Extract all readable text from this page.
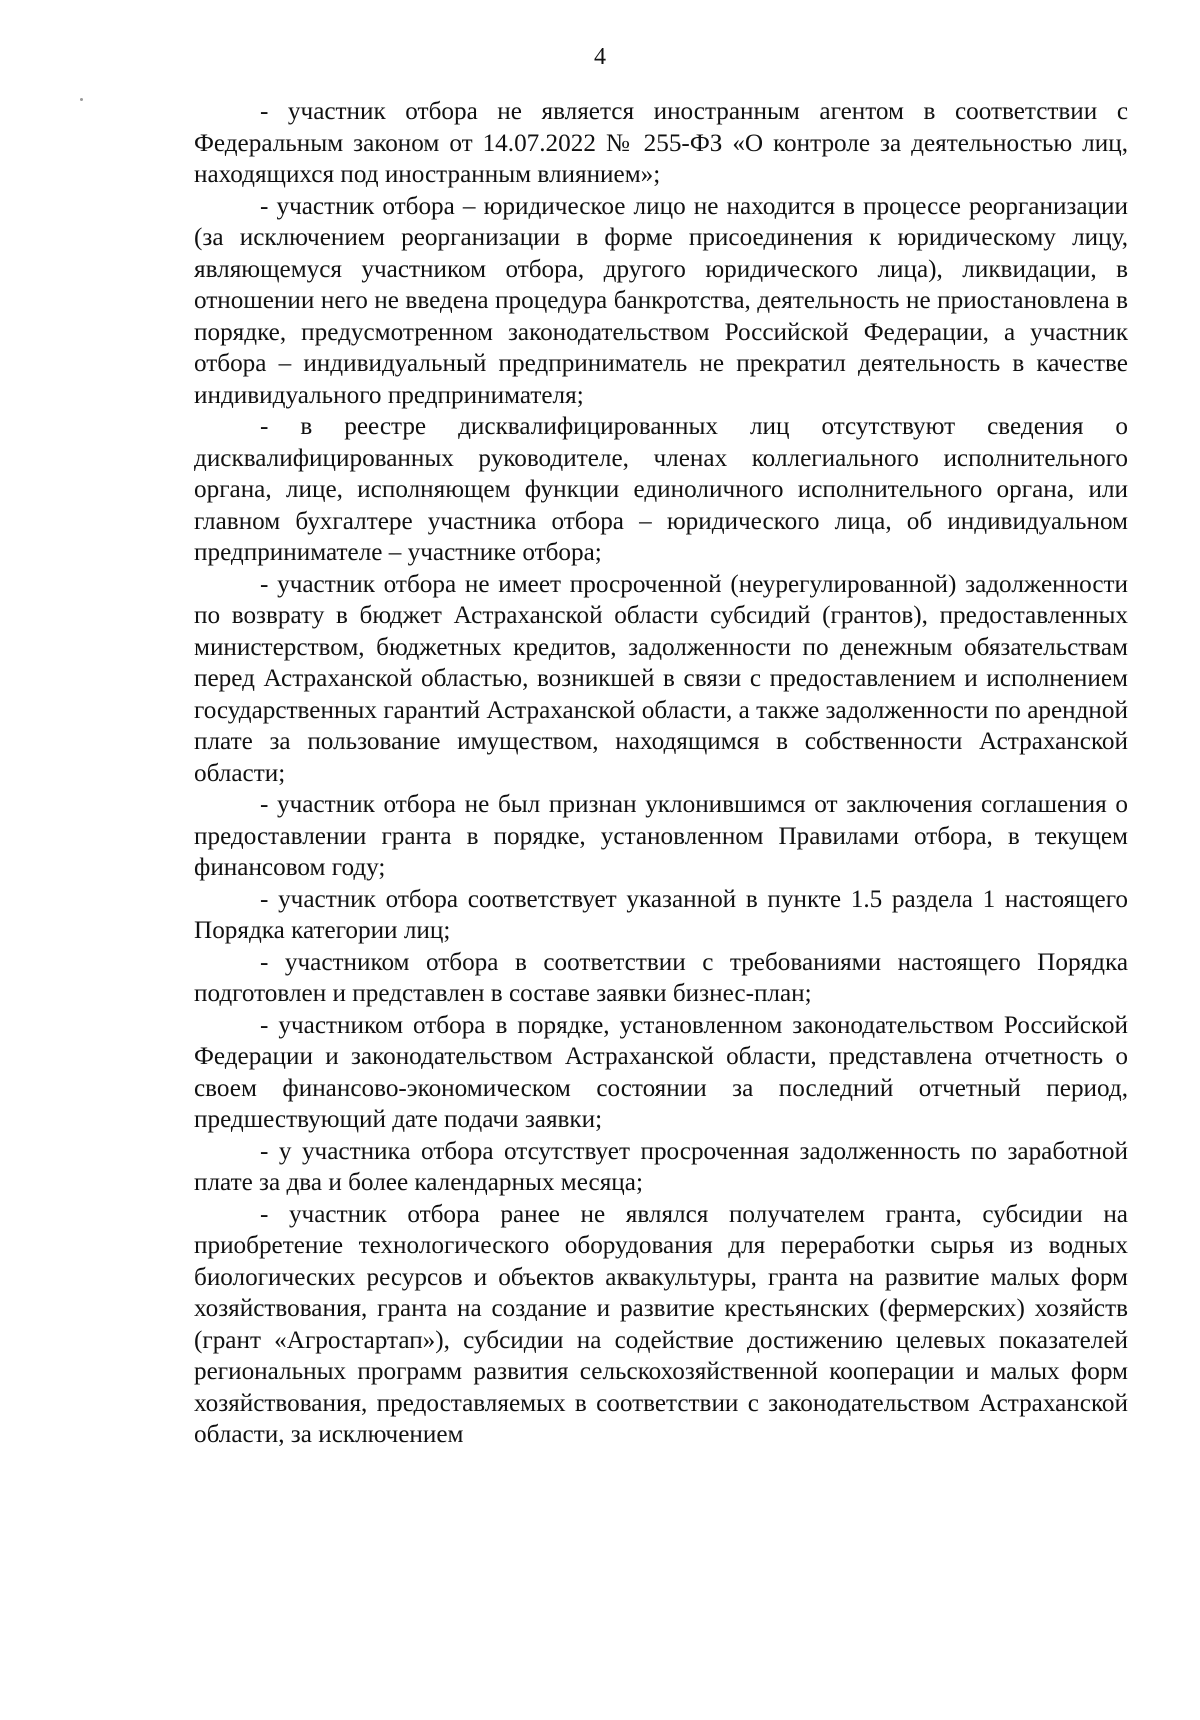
4

- участник отбора не является иностранным агентом в соответствии с Федеральным законом от 14.07.2022 № 255-ФЗ «О контроле за деятельностью лиц, находящихся под иностранным влиянием»;

- участник отбора – юридическое лицо не находится в процессе реорганизации (за исключением реорганизации в форме присоединения к юридическому лицу, являющемуся участником отбора, другого юридического лица), ликвидации, в отношении него не введена процедура банкротства, деятельность не приостановлена в порядке, предусмотренном законодательством Российской Федерации, а участник отбора – индивидуальный предприниматель не прекратил деятельность в качестве индивидуального предпринимателя;

- в реестре дисквалифицированных лиц отсутствуют сведения о дисквалифицированных руководителе, членах коллегиального исполнительного органа, лице, исполняющем функции единоличного исполнительного органа, или главном бухгалтере участника отбора – юридического лица, об индивидуальном предпринимателе – участнике отбора;

- участник отбора не имеет просроченной (неурегулированной) задолженности по возврату в бюджет Астраханской области субсидий (грантов), предоставленных министерством, бюджетных кредитов, задолженности по денежным обязательствам перед Астраханской областью, возникшей в связи с предоставлением и исполнением государственных гарантий Астраханской области, а также задолженности по арендной плате за пользование имуществом, находящимся в собственности Астраханской области;

- участник отбора не был признан уклонившимся от заключения соглашения о предоставлении гранта в порядке, установленном Правилами отбора, в текущем финансовом году;

- участник отбора соответствует указанной в пункте 1.5 раздела 1 настоящего Порядка категории лиц;

- участником отбора в соответствии с требованиями настоящего Порядка подготовлен и представлен в составе заявки бизнес-план;

- участником отбора в порядке, установленном законодательством Российской Федерации и законодательством Астраханской области, представлена отчетность о своем финансово-экономическом состоянии за последний отчетный период, предшествующий дате подачи заявки;

- у участника отбора отсутствует просроченная задолженность по заработной плате за два и более календарных месяца;

- участник отбора ранее не являлся получателем гранта, субсидии на приобретение технологического оборудования для переработки сырья из водных биологических ресурсов и объектов аквакультуры, гранта на развитие малых форм хозяйствования, гранта на создание и развитие крестьянских (фермерских) хозяйств (грант «Агростартап»), субсидии на содействие достижению целевых показателей региональных программ развития сельскохозяйственной кооперации и малых форм хозяйствования, предоставляемых в соответствии с законодательством Астраханской области, за исключением
